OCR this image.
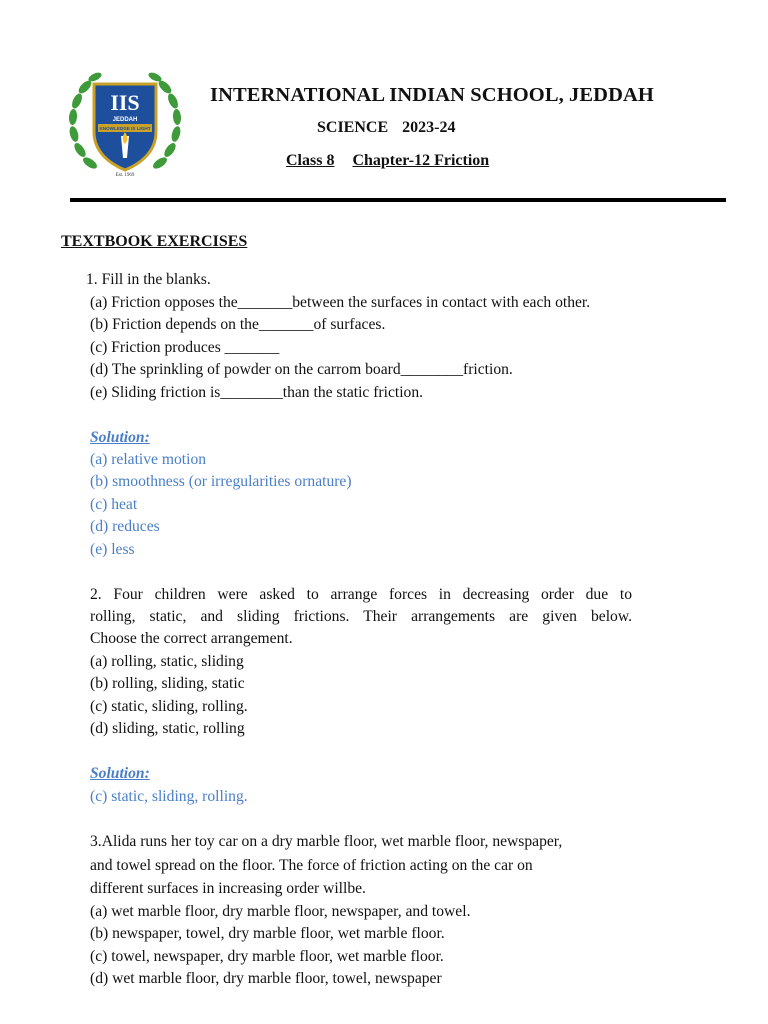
IIS
JEDDAH
KNOWLEDGE IS LIGHT
Est. 1969
INTERNATIONAL INDIAN SCHOOL, JEDDAH
SCIENCE 2023-24
Class 8 Chapter-12 Friction
TEXTBOOK EXERCISES
1. Fill in the blanks.
(a) Friction opposes the_______between the surfaces in contact with each other.
(b) Friction depends on the_______of surfaces.
(c) Friction produces _______
(d) The sprinkling of powder on the carrom board________friction.
(e) Sliding friction is________than the static friction.
Solution:
(a) relative motion
(b) smoothness (or irregularities ornature)
(c) heat
(d) reduces
(e) less
2. Four children were asked to arrange forces in decreasing order due to
rolling, static, and sliding frictions. Their arrangements are given below.
Choose the correct arrangement.
(a) rolling, static, sliding
(b) rolling, sliding, static
(c) static, sliding, rolling.
(d) sliding, static, rolling
Solution:
(c) static, sliding, rolling.
3.Alida runs her toy car on a dry marble floor, wet marble floor, newspaper,
and towel spread on the floor. The force of friction acting on the car on
different surfaces in increasing order willbe.
(a) wet marble floor, dry marble floor, newspaper, and towel.
(b) newspaper, towel, dry marble floor, wet marble floor.
(c) towel, newspaper, dry marble floor, wet marble floor.
(d) wet marble floor, dry marble floor, towel, newspaper
